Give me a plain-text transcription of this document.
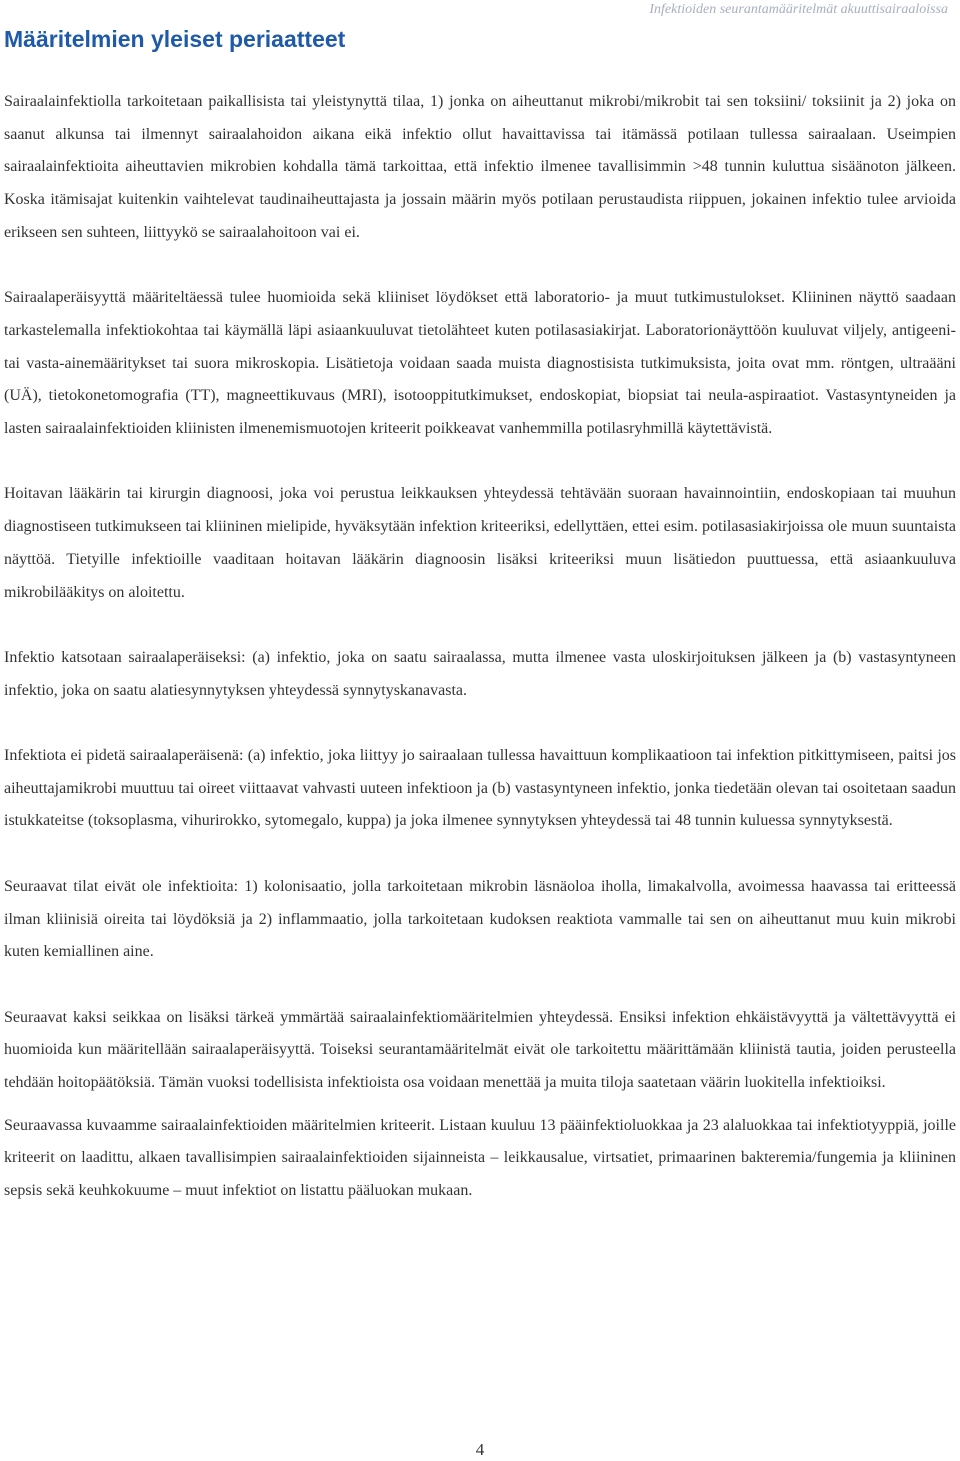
Infektioiden seurantamääritelmät akuuttisairaaloissa
Määritelmien yleiset periaatteet

Sairaalainfektiolla tarkoitetaan paikallisista tai yleistynyttä tilaa, 1) jonka on aiheuttanut mikrobi/mikrobit tai sen toksiini/ toksiinit ja 2) joka on saanut alkunsa tai ilmennyt sairaalahoidon aikana eikä infektio ollut havaittavissa tai itämässä potilaan tullessa sairaalaan. Useimpien sairaalainfektioita aiheuttavien mikrobien kohdalla tämä tarkoittaa, että infektio ilmenee tavallisimmin >48 tunnin kuluttua sisäänoton jälkeen. Koska itämisajat kuitenkin vaihtelevat taudinaiheuttajasta ja jossain määrin myös potilaan perustaudista riippuen, jokainen infektio tulee arvioida erikseen sen suhteen, liittyykö se sairaalahoitoon vai ei.

Sairaalaperäisyyttä määriteltäessä tulee huomioida sekä kliiniset löydökset että laboratorio- ja muut tutkimustulokset. Kliininen näyttö saadaan tarkastelemalla infektiokohtaa tai käymällä läpi asiaankuuluvat tietolähteet kuten potilasasiakirjat. Laboratorionäyttöön kuuluvat viljely, antigeeni- tai vasta-ainemääritykset tai suora mikroskopia. Lisätietoja voidaan saada muista diagnostisista tutkimuksista, joita ovat mm. röntgen, ultraääni (UÄ), tietokonetomografia (TT), magneettikuvaus (MRI), isotooppitutkimukset, endoskopiat, biopsiat tai neula-aspiraatiot. Vastasyntyneiden ja lasten sairaalainfektioiden kliinisten ilmenemismuotojen kriteerit poikkeavat vanhemmilla potilasryhmillä käytettävistä.

Hoitavan lääkärin tai kirurgin diagnoosi, joka voi perustua leikkauksen yhteydessä tehtävään suoraan havainnointiin, endoskopiaan tai muuhun diagnostiseen tutkimukseen tai kliininen mielipide, hyväksytään infektion kriteeriksi, edellyttäen, ettei esim. potilasasiakirjoissa ole muun suuntaista näyttöä. Tietyille infektioille vaaditaan hoitavan lääkärin diagnoosin lisäksi kriteeriksi muun lisätiedon puuttuessa, että asiaankuuluva mikrobilääkitys on aloitettu.

Infektio katsotaan sairaalaperäiseksi: (a) infektio, joka on saatu sairaalassa, mutta ilmenee vasta uloskirjoituksen jälkeen ja (b) vastasyntyneen infektio, joka on saatu alatiesynnytyksen yhteydessä synnytyskanavasta.

Infektiota ei pidetä sairaalaperäisenä: (a) infektio, joka liittyy jo sairaalaan tullessa havaittuun komplikaatioon tai infektion pitkittymiseen, paitsi jos aiheuttajamikrobi muuttuu tai oireet viittaavat vahvasti uuteen infektioon ja (b) vastasyntyneen infektio, jonka tiedetään olevan tai osoitetaan saadun istukkateitse (toksoplasma, vihurirokko, sytomegalo, kuppa) ja joka ilmenee synnytyksen yhteydessä tai 48 tunnin kuluessa synnytyksestä.

Seuraavat tilat eivät ole infektioita: 1) kolonisaatio, jolla tarkoitetaan mikrobin läsnäoloa iholla, limakalvolla, avoimessa haavassa tai eritteessä ilman kliinisiä oireita tai löydöksiä ja 2) inflammaatio, jolla tarkoitetaan kudoksen reaktiota vammalle tai sen on aiheuttanut muu kuin mikrobi kuten kemiallinen aine.

Seuraavat kaksi seikkaa on lisäksi tärkeä ymmärtää sairaalainfektiomääritelmien yhteydessä. Ensiksi infektion ehkäistävyyttä ja vältettävyyttä ei huomioida kun määritellään sairaalaperäisyyttä. Toiseksi seurantamääritelmät eivät ole tarkoitettu määrittämään kliinistä tautia, joiden perusteella tehdään hoitopäätöksiä. Tämän vuoksi todellisista infektioista osa voidaan menettää ja muita tiloja saatetaan väärin luokitella infektioiksi.

Seuraavassa kuvaamme sairaalainfektioiden määritelmien kriteerit. Listaan kuuluu 13 pääinfektioluokkaa ja 23 alaluokkaa tai infektiotyyppiä, joille kriteerit on laadittu, alkaen tavallisimpien sairaalainfektioiden sijainneista – leikkausalue, virtsatiet, primaarinen bakteremia/fungemia ja kliininen sepsis sekä keuhkokuume – muut infektiot on listattu pääluokan mukaan.

4
